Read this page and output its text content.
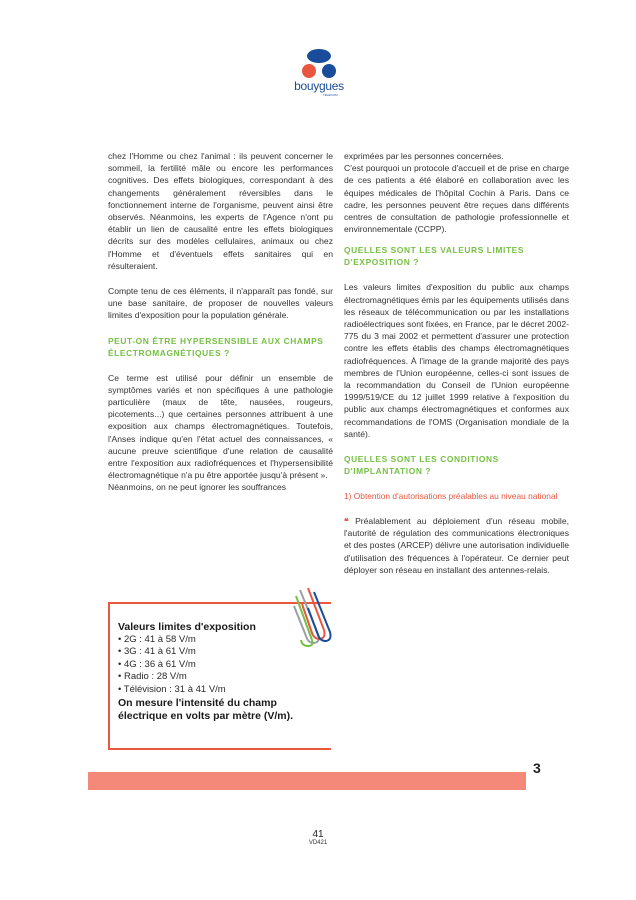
bouygues
TELECOM

chez l'Homme ou chez l'animal : ils peuvent concerner le sommeil, la fertilité mâle ou encore les performances cognitives. Des effets biologiques, correspondant à des changements généralement réversibles dans le fonctionnement interne de l'organisme, peuvent ainsi être observés. Néanmoins, les experts de l'Agence n'ont pu établir un lien de causalité entre les effets biologiques décrits sur des modèles cellulaires, animaux ou chez l'Homme et d'éventuels effets sanitaires qui en résulteraient.

Compte tenu de ces éléments, il n'apparaît pas fondé, sur une base sanitaire, de proposer de nouvelles valeurs limites d'exposition pour la population générale.

PEUT-ON ÊTRE HYPERSENSIBLE AUX CHAMPS ÉLECTROMAGNÉTIQUES ?

Ce terme est utilisé pour définir un ensemble de symptômes variés et non spécifiques à une pathologie particulière (maux de tête, nausées, rougeurs, picotements...) que certaines personnes attribuent à une exposition aux champs électromagnétiques. Toutefois, l'Anses indique qu'en l'état actuel des connaissances, « aucune preuve scientifique d'une relation de causalité entre l'exposition aux radiofréquences et l'hypersensibilité électromagnétique n'a pu être apportée jusqu'à présent ».

Néanmoins, on ne peut ignorer les souffrances

Valeurs limites d'exposition
• 2G : 41 à 58 V/m
• 3G : 41 à 61 V/m
• 4G : 36 à 61 V/m
• Radio : 28 V/m
• Télévision : 31 à 41 V/m
On mesure l'intensité du champ électrique en volts par mètre (V/m).

exprimées par les personnes concernées.

C'est pourquoi un protocole d'accueil et de prise en charge de ces patients a été élaboré en collaboration avec les équipes médicales de l'hôpital Cochin à Paris. Dans ce cadre, les personnes peuvent être reçues dans différents centres de consultation de pathologie professionnelle et environnementale (CCPP).

QUELLES SONT LES VALEURS LIMITES D'EXPOSITION ?

Les valeurs limites d'exposition du public aux champs électromagnétiques émis par les équipements utilisés dans les réseaux de télécommunication ou par les installations radioélectriques sont fixées, en France, par le décret 2002-775 du 3 mai 2002 et permettent d'assurer une protection contre les effets établis des champs électromagnétiques radiofréquences. À l'image de la grande majorité des pays membres de l'Union européenne, celles-ci sont issues de la recommandation du Conseil de l'Union européenne 1999/519/CE du 12 juillet 1999 relative à l'exposition du public aux champs électromagnétiques et conformes aux recommandations de l'OMS (Organisation mondiale de la santé).

QUELLES SONT LES CONDITIONS D'IMPLANTATION ?

1) Obtention d'autorisations préalables au niveau national

❝ Préalablement au déploiement d'un réseau mobile, l'autorité de régulation des communications électroniques et des postes (ARCEP) délivre une autorisation individuelle d'utilisation des fréquences à l'opérateur. Ce dernier peut déployer son réseau en installant des antennes-relais.

3
41
VD421
